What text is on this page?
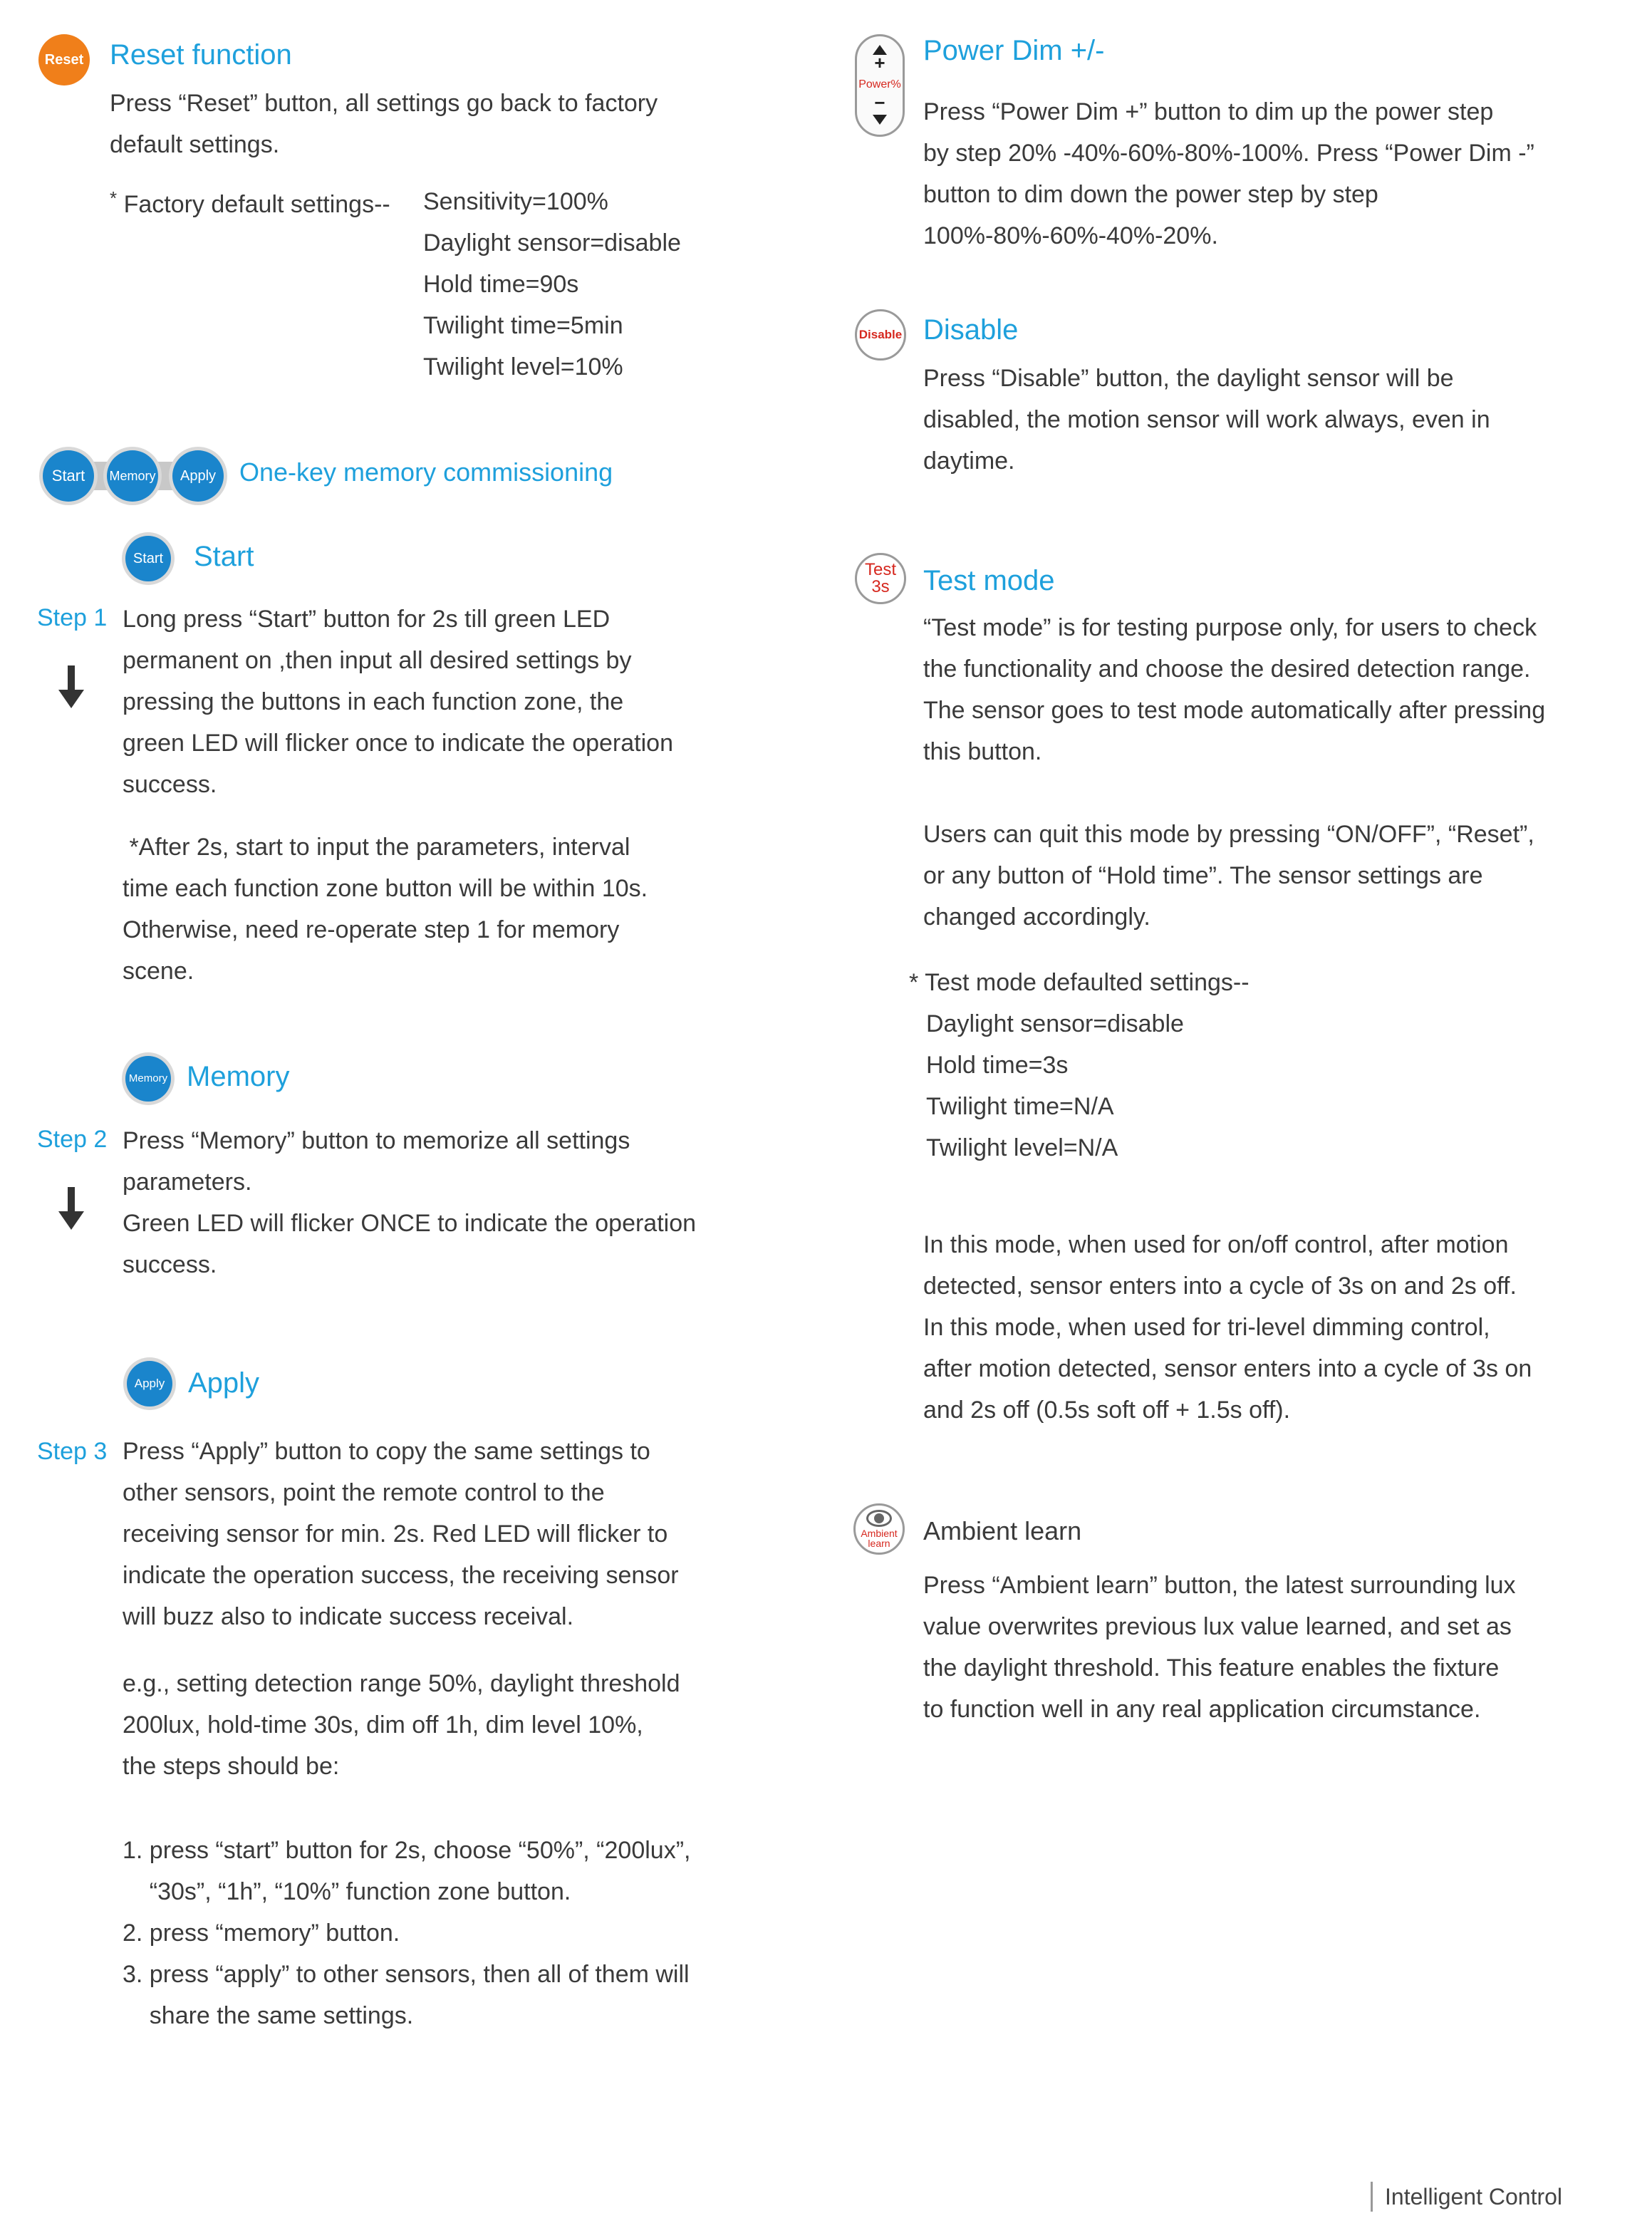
Reset Reset function
Press “Reset” button, all settings go back to factory
default settings.
* Factory default settings-- Sensitivity=100%
Daylight sensor=disable
Hold time=90s
Twilight time=5min
Twilight level=10%
Start Memory Apply One-key memory commissioning
Start Start
Step 1 Long press “Start” button for 2s till green LED
permanent on ,then input all desired settings by
pressing the buttons in each function zone, the
green LED will flicker once to indicate the operation
success.
*After 2s, start to input the parameters, interval
time each function zone button will be within 10s.
Otherwise, need re-operate step 1 for memory
scene.
Memory Memory
Step 2 Press “Memory” button to memorize all settings
parameters.
Green LED will flicker ONCE to indicate the operation
success.
Apply Apply
Step 3 Press “Apply” button to copy the same settings to
other sensors, point the remote control to the
receiving sensor for min. 2s. Red LED will flicker to
indicate the operation success, the receiving sensor
will buzz also to indicate success receival.
e.g., setting detection range 50%, daylight threshold
200lux, hold-time 30s, dim off 1h, dim level 10%,
the steps should be:
1. press “start” button for 2s, choose “50%”, “200lux”,
“30s”, “1h”, “10%” function zone button.
2. press “memory” button.
3. press “apply” to other sensors, then all of them will
share the same settings.
+
Power%
−
Power Dim +/-
Press “Power Dim +” button to dim up the power step
by step 20% -40%-60%-80%-100%. Press “Power Dim -”
button to dim down the power step by step
100%-80%-60%-40%-20%.
Disable Disable
Press “Disable” button, the daylight sensor will be
disabled, the motion sensor will work always, even in
daytime.
Test
3s Test mode
“Test mode” is for testing purpose only, for users to check
the functionality and choose the desired detection range.
The sensor goes to test mode automatically after pressing
this button.
Users can quit this mode by pressing “ON/OFF”, “Reset”,
or any button of “Hold time”. The sensor settings are
changed accordingly.
* Test mode defaulted settings--
Daylight sensor=disable
Hold time=3s
Twilight time=N/A
Twilight level=N/A
In this mode, when used for on/off control, after motion
detected, sensor enters into a cycle of 3s on and 2s off.
In this mode, when used for tri-level dimming control,
after motion detected, sensor enters into a cycle of 3s on
and 2s off (0.5s soft off + 1.5s off).
Ambient
learn Ambient learn
Press “Ambient learn” button, the latest surrounding lux
value overwrites previous lux value learned, and set as
the daylight threshold. This feature enables the fixture
to function well in any real application circumstance.
Intelligent Control
